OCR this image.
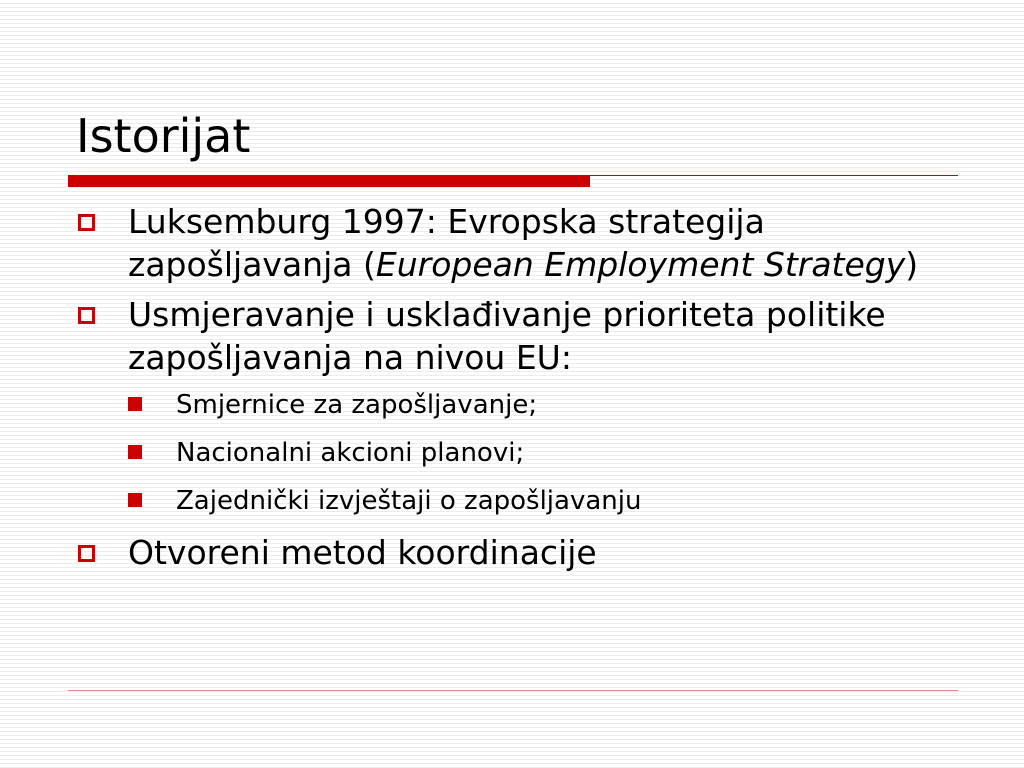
Istorijat
Luksemburg 1997: Evropska strategija zapošljavanja (European Employment Strategy)
Usmjeravanje i usklađivanje prioriteta politike zapošljavanja na nivou EU:
Smjernice za zapošljavanje;
Nacionalni akcioni planovi;
Zajednički izvještaji o zapošljavanju
Otvoreni metod koordinacije
